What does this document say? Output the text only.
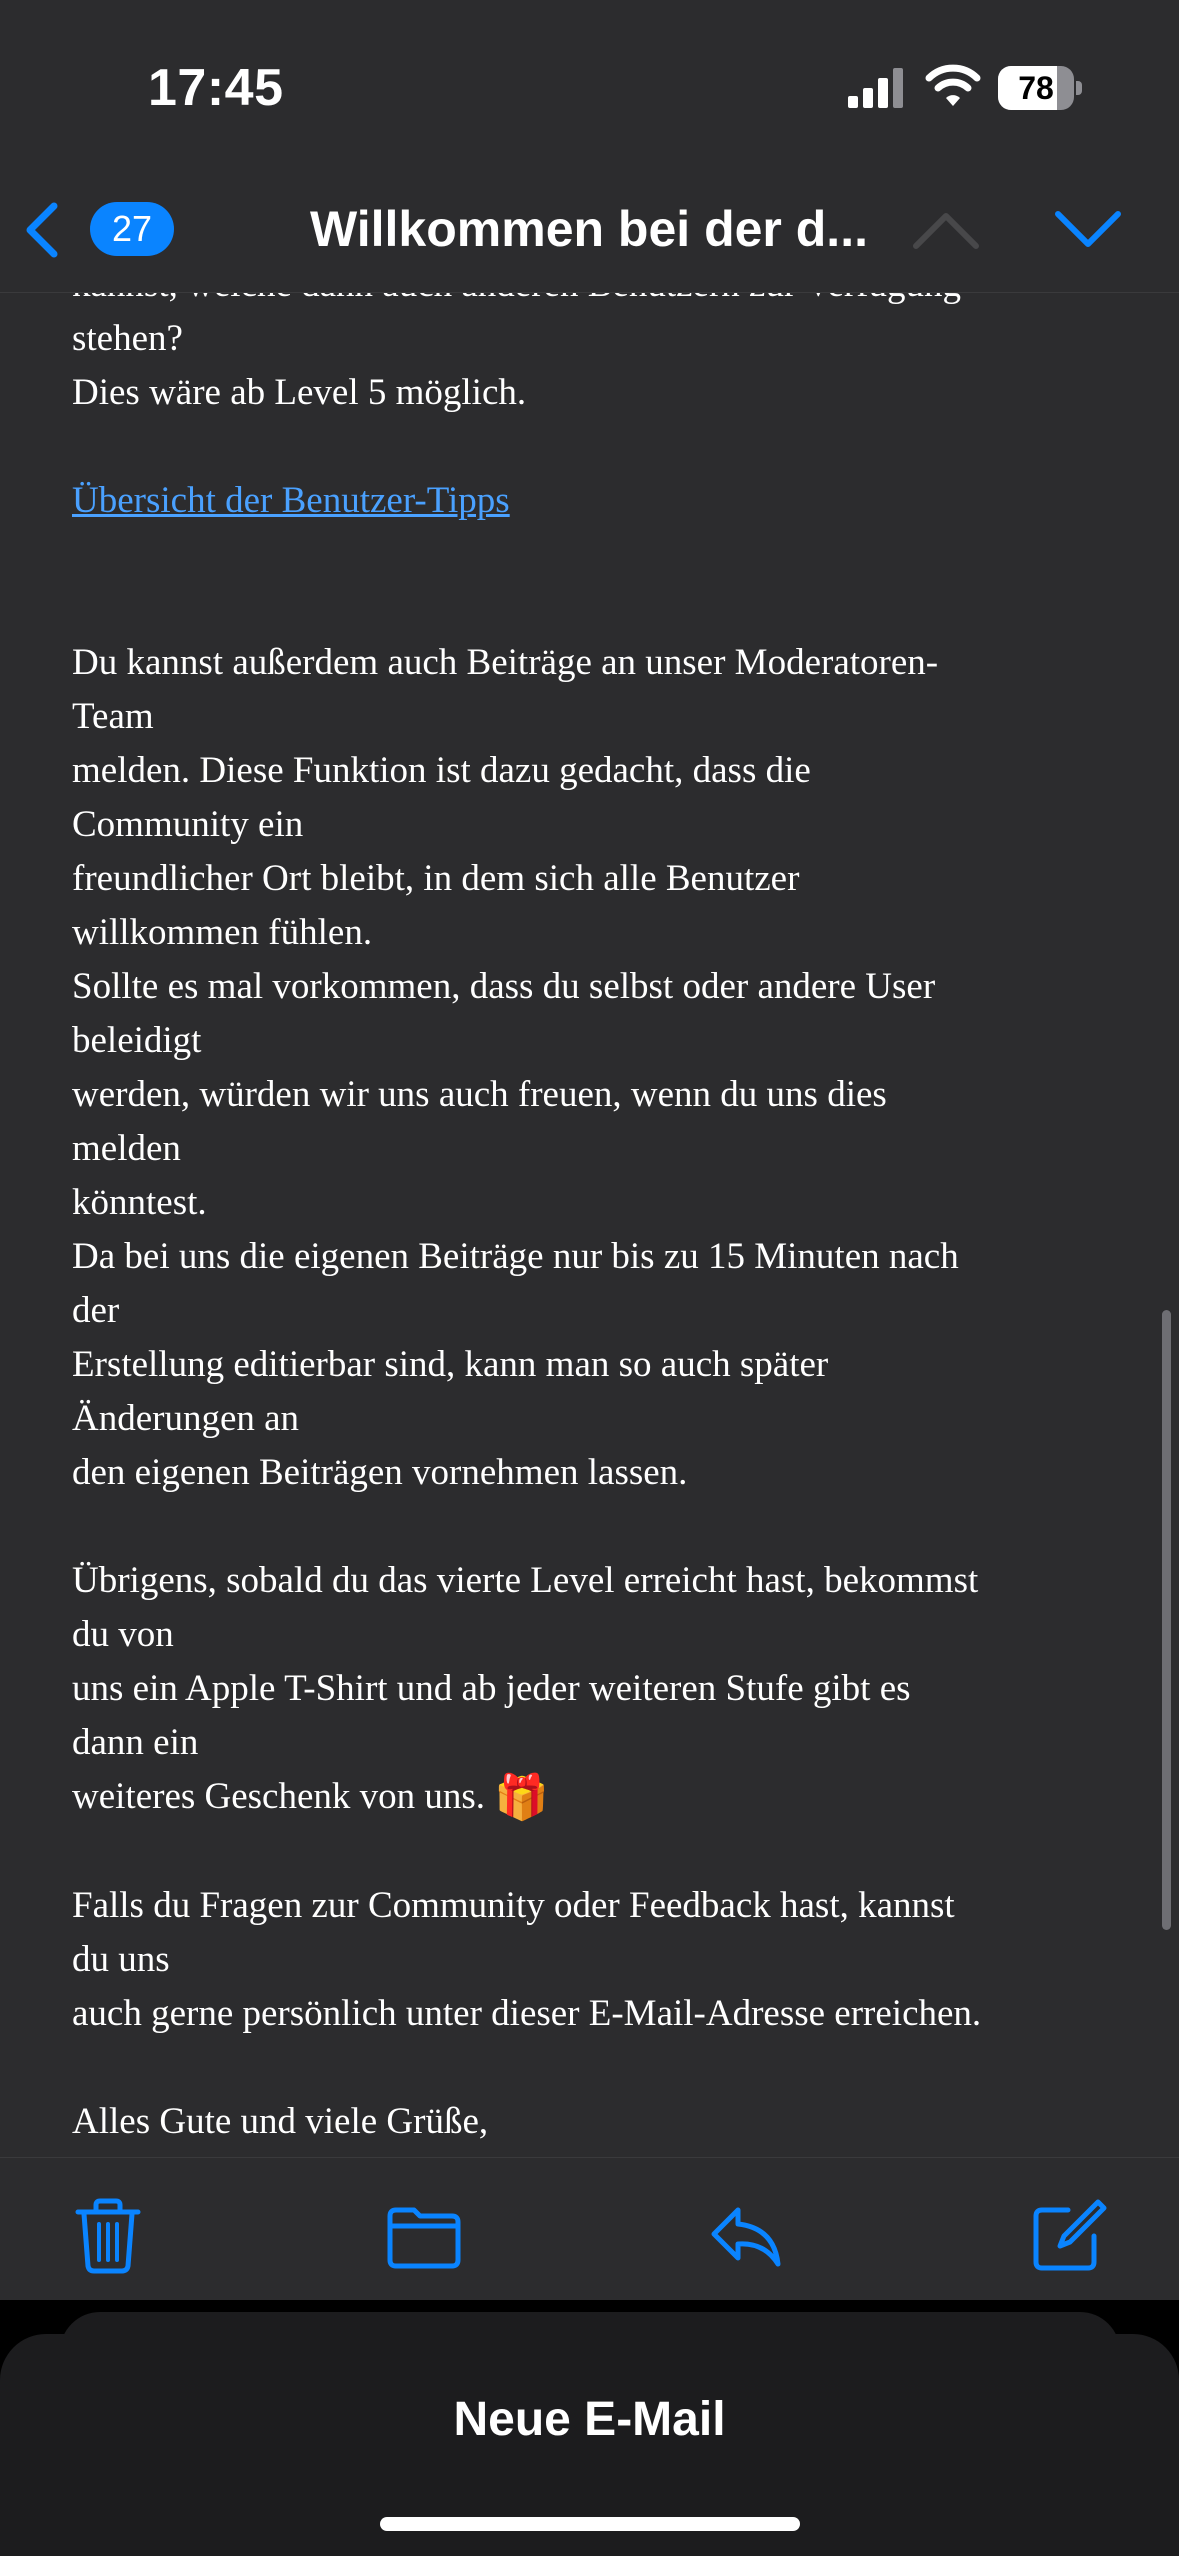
stehen?
Dies wäre ab Level 5 möglich.
Übersicht der Benutzer-Tipps
Du kannst außerdem auch Beiträge an unser Moderatoren-
Team
melden. Diese Funktion ist dazu gedacht, dass die
Community ein
freundlicher Ort bleibt, in dem sich alle Benutzer
willkommen fühlen.
Sollte es mal vorkommen, dass du selbst oder andere User
beleidigt
werden, würden wir uns auch freuen, wenn du uns dies
melden
könntest.
Da bei uns die eigenen Beiträge nur bis zu 15 Minuten nach
der
Erstellung editierbar sind, kann man so auch später
Änderungen an
den eigenen Beiträgen vornehmen lassen.
Übrigens, sobald du das vierte Level erreicht hast, bekommst
du von
uns ein Apple T-Shirt und ab jeder weiteren Stufe gibt es
dann ein
weiteres Geschenk von uns. 🎁
Falls du Fragen zur Community oder Feedback hast, kannst
du uns
auch gerne persönlich unter dieser E-Mail-Adresse erreichen.
Alles Gute und viele Grüße,
17:45	78
27	Willkommen bei der d...
Neue E-Mail
